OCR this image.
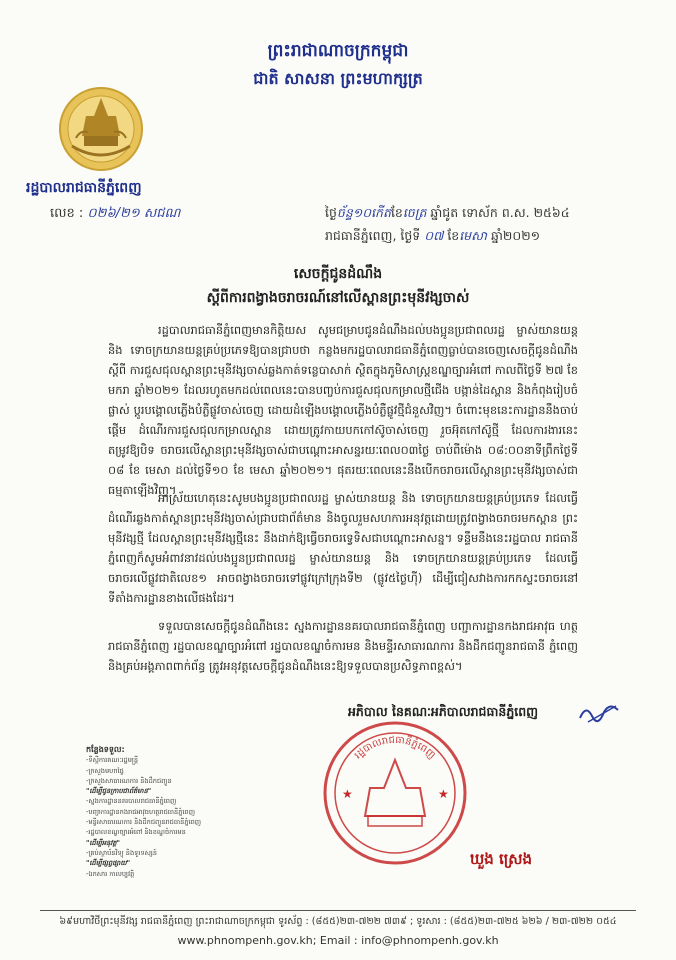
ព្រះរាជាណាចក្រកម្ពុជា
ជាតិ សាសនា ព្រះមហាក្សត្រ
រដ្ឋបាលរាជធានីភ្នំពេញ
លេខ : ០២៦/២១ សជណ	ថ្ងៃច័ន្ទ១០កើតខែចេត្រ ឆ្នាំជូត ទោស័ក ព.ស. ២៥៦៤
រាជធានីភ្នំពេញ, ថ្ងៃទី ០៧ ខែមេសា ឆ្នាំ២០២១
សេចក្តីជូនដំណឹង
ស្តីពីការពង្វាងចរាចរណ៍នៅលើស្ពានព្រះមុនីវង្សចាស់
រដ្ឋបាលរាជធានីភ្នំពេញមានកិត្តិយស សូមជម្រាបជូនដំណឹងដល់បងប្អូនប្រជាពលរដ្ឋ ម្ចាស់យានយន្ត និង ទោចក្រយានយន្តគ្រប់ប្រភេទឱ្យបានជ្រាបថា កន្លងមករដ្ឋបាលរាជធានីភ្នំពេញធ្លាប់បានចេញសេចក្តីជូនដំណឹង ស្តីពី ការជួសជុលស្ពានព្រះមុនីវង្សចាស់ឆ្លងកាត់ទន្លេបាសាក់ ស្ថិតក្នុងភូមិសាស្ត្រខណ្ឌច្បារអំពៅ កាលពីថ្ងៃទី ២៧ ខែ មករា ឆ្នាំ២០២១ ដែលរហូតមកដល់ពេលនេះបានបញ្ចប់ការជួសជុលកម្រាលថ្មីជើង បង្កាន់ដៃស្ពាន និងកំពុងរៀបចំផ្លាស់ ប្តូរបង្គោលភ្លើងបំភ្លឺផ្លូវចាស់ចេញ ដោយដំឡើងបង្គោលភ្លើងបំភ្លឺផ្លូវថ្មីជំនួសវិញ។ ចំពោះមុខនេះការដ្ឋាននឹងចាប់ផ្តើម ដំណើរការជួសជុលកម្រាលស្ពាន ដោយត្រូវកាយបកកៅស៊ូចាស់ចេញ រួចអ៊ុតកៅស៊ូថ្មី ដែលការងារនេះតម្រូវឱ្យបិទ ចរាចរលើស្ពានព្រះមុនីវង្សចាស់ជាបណ្តោះអាសន្នរយៈពេល០៣ថ្ងៃ ចាប់ពីម៉ោង ០៨:០០នាទីព្រឹកថ្ងៃទី ០៨ ខែ មេសា ដល់ថ្ងៃទី១០ ខែ មេសា ឆ្នាំ២០២១។ ផុតរយៈពេលនេះនឹងបើកចរាចរលើស្ពានព្រះមុនីវង្សចាស់ជាធម្មតាឡើងវិញ។
អាស្រ័យហេតុនេះសូមបងប្អូនប្រជាពលរដ្ឋ ម្ចាស់យានយន្ត និង ទោចក្រយានយន្តគ្រប់ប្រភេទ ដែលធ្វើ ដំណើរឆ្លងកាត់ស្ពានព្រះមុនីវង្សចាស់ជ្រាបជាព័ត៌មាន និងចូលរួមសហការអនុវត្តដោយត្រូវពង្វាងចរាចរមកស្ពាន ព្រះមុនីវង្សថ្មី ដែលស្ពានព្រះមុនីវង្សថ្មីនេះ នឹងដាក់ឱ្យធ្វើចរាចរទ្វេទិសជាបណ្តោះអាសន្ន។ ទន្ទឹមនឹងនេះរដ្ឋបាល រាជធានីភ្នំពេញក៏សូមអំពាវនាវដល់បងប្អូនប្រជាពលរដ្ឋ ម្ចាស់យានយន្ត និង ទោចក្រយានយន្តគ្រប់ប្រភេទ ដែលធ្វើ ចរាចរលើផ្លូវជាតិលេខ១ អាចពង្វាងចរាចរទៅផ្លូវក្រៅក្រុងទី២ (ផ្លូវ៥ថ្ងៃហ៊ី) ដើម្បីជៀសវាងការកកស្ទះចរាចរនៅ ទីតាំងការដ្ឋានខាងលើផងដែរ។
ទទួលបានសេចក្តីជូនដំណឹងនេះ ស្នងការដ្ឋាននគរបាលរាជធានីភ្នំពេញ បញ្ជាការដ្ឋានកងរាជអាវុធ ហត្ថរាជធានីភ្នំពេញ រដ្ឋបាលខណ្ឌច្បារអំពៅ រដ្ឋបាលខណ្ឌចំការមន និងមន្ទីរសាធារណការ និងដឹកជញ្ជូនរាជធានី ភ្នំពេញ និងគ្រប់អង្គភាពពាក់ព័ន្ធ ត្រូវអនុវត្តសេចក្តីជូនដំណឹងនេះឱ្យទទួលបានប្រសិទ្ធភាពខ្ពស់។
អភិបាល នៃគណៈអភិបាលរាជធានីភ្នំពេញ
រដ្ឋបាលរាជធានីភ្នំពេញ
★	★
ឃួង ស្រេង
កន្លែងទទួល:
-ទីស្តីការគណៈរដ្ឋមន្ត្រី
-ក្រសួងមហាផ្ទៃ
-ក្រសួងសាធារណការ និងដឹកជញ្ជូន
"ដើម្បីជូនក្រាបជាព័ត៌មាន"
-ស្នងការដ្ឋាននគរបាលរាជធានីភ្នំពេញ
-បញ្ជាការដ្ឋានកងរាជអាវុធហត្ថរាជធានីភ្នំពេញ
-មន្ទីរសាធារណការ និងដឹកជញ្ជូនរាជធានីភ្នំពេញ
-រដ្ឋបាលខណ្ឌច្បារអំពៅ និងខណ្ឌចំការមន
"ដើម្បីអនុវត្ត"
-គ្រប់ស្ថាប័នវិទ្យុ និងទូរទស្សន៍
"ដើម្បីផ្សព្វផ្សាយ"
-ឯកសារ កាលប្បវត្តិ
៦៩មហាវិថីព្រះមុនីវង្ស រាជធានីភ្នំពេញ ព្រះរាជាណាចក្រកម្ពុជា ទូរស័ព្ទ : (៨៥៥)២៣-៧២២ ៧៣៩ ; ទូរសារ : (៨៥៥)២៣-៧២៥ ៦២៦ / ២៣-៧២២ ០៥៤
www.phnompenh.gov.kh; Email : info@phnompenh.gov.kh
